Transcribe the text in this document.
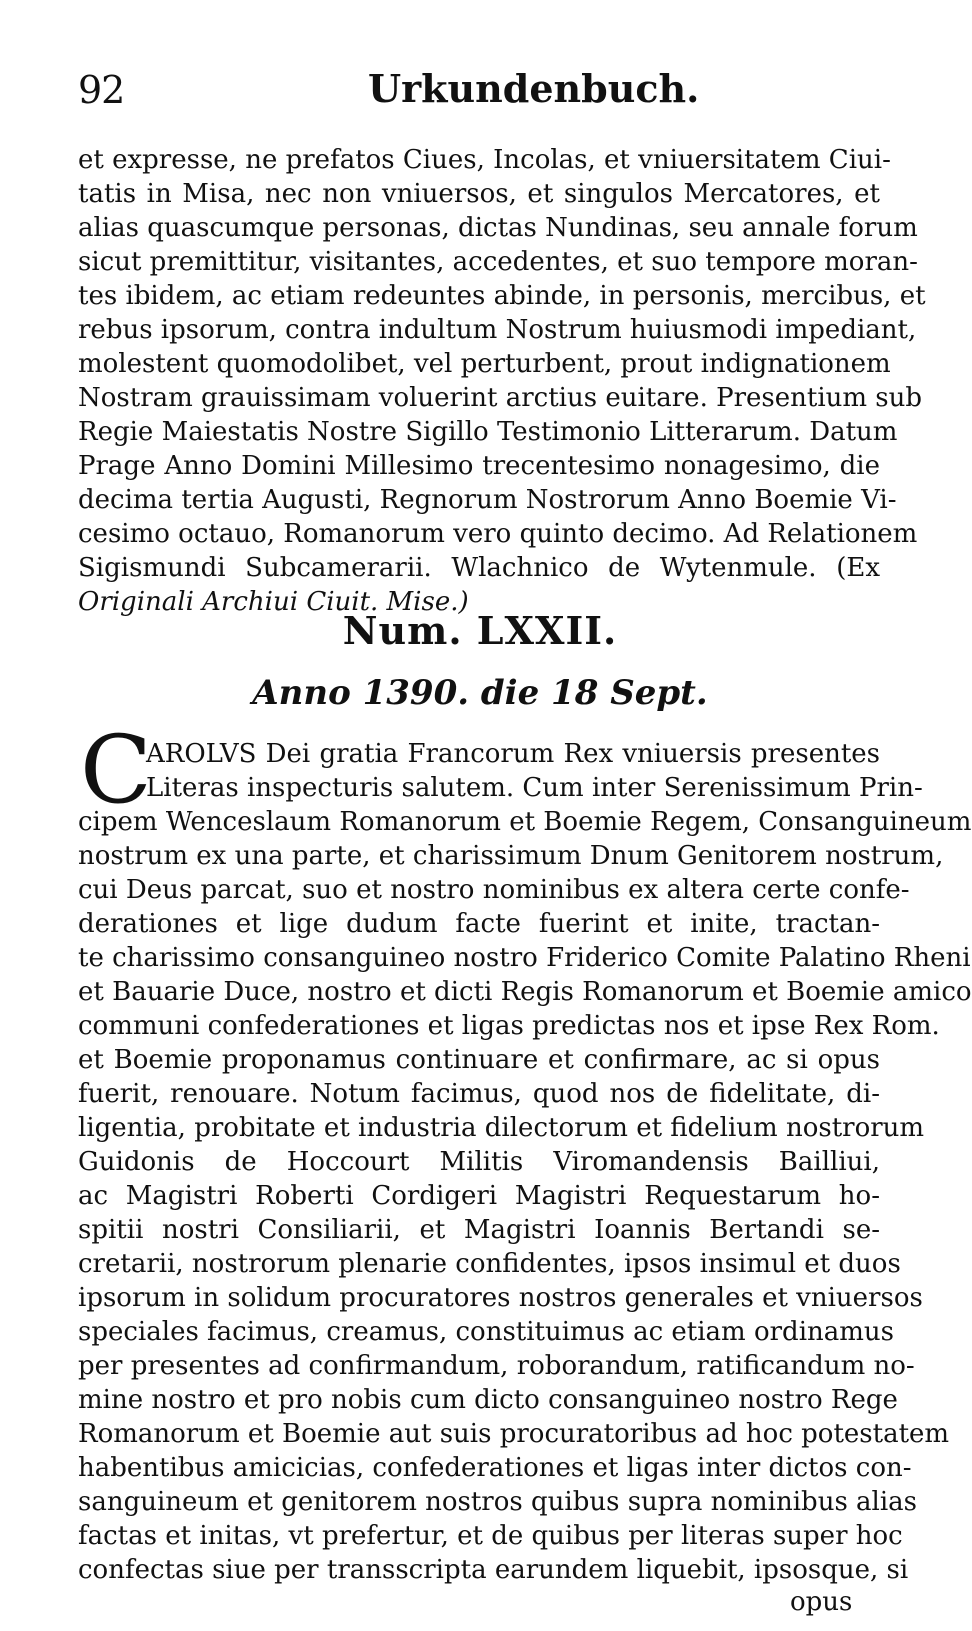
92	Urkundenbuch.
et expresse, ne prefatos Ciues, Incolas, et vniuersitatem Ciui-
tatis in Misa, nec non vniuersos, et singulos Mercatores, et
alias quascumque personas, dictas Nundinas, seu annale forum
sicut premittitur, visitantes, accedentes, et suo tempore moran-
tes ibidem, ac etiam redeuntes abinde, in personis, mercibus, et
rebus ipsorum, contra indultum Nostrum huiusmodi impediant,
molestent quomodolibet, vel perturbent, prout indignationem
Nostram grauissimam voluerint arctius euitare. Presentium sub
Regie Maiestatis Nostre Sigillo Testimonio Litterarum. Datum
Prage Anno Domini Millesimo trecentesimo nonagesimo, die
decima tertia Augusti, Regnorum Nostrorum Anno Boemie Vi-
cesimo octauo, Romanorum vero quinto decimo. Ad Relationem
Sigismundi Subcamerarii. Wlachnico de Wytenmule. (Ex
Originali Archiui Ciuit. Mise.)
Num. LXXII.
Anno 1390. die 18 Sept.
C
AROLVS Dei gratia Francorum Rex vniuersis presentes
Literas inspecturis salutem. Cum inter Serenissimum Prin-
cipem Wenceslaum Romanorum et Boemie Regem, Consanguineum
nostrum ex una parte, et charissimum Dnum Genitorem nostrum,
cui Deus parcat, suo et nostro nominibus ex altera certe confe-
derationes et lige dudum facte fuerint et inite, tractan-
te charissimo consanguineo nostro Friderico Comite Palatino Rheni
et Bauarie Duce, nostro et dicti Regis Romanorum et Boemie amico
communi confederationes et ligas predictas nos et ipse Rex Rom.
et Boemie proponamus continuare et confirmare, ac si opus
fuerit, renouare. Notum facimus, quod nos de fidelitate, di-
ligentia, probitate et industria dilectorum et fidelium nostrorum
Guidonis de Hoccourt Militis Viromandensis Bailliui,
ac Magistri Roberti Cordigeri Magistri Requestarum ho-
spitii nostri Consiliarii, et Magistri Ioannis Bertandi se-
cretarii, nostrorum plenarie confidentes, ipsos insimul et duos
ipsorum in solidum procuratores nostros generales et vniuersos
speciales facimus, creamus, constituimus ac etiam ordinamus
per presentes ad confirmandum, roborandum, ratificandum no-
mine nostro et pro nobis cum dicto consanguineo nostro Rege
Romanorum et Boemie aut suis procuratoribus ad hoc potestatem
habentibus amicicias, confederationes et ligas inter dictos con-
sanguineum et genitorem nostros quibus supra nominibus alias
factas et initas, vt prefertur, et de quibus per literas super hoc
confectas siue per transscripta earundem liquebit, ipsosque, si
opus
